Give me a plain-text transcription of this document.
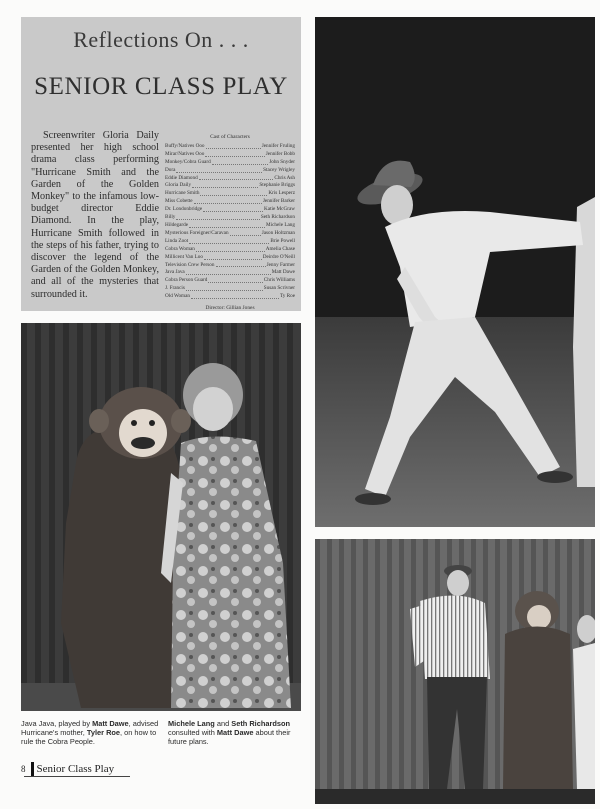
Reflections On . . .
SENIOR CLASS PLAY
Screenwriter Gloria Daily presented her high school drama class performing "Hurricane Smith and the Garden of the Golden Monkey" to the infamous low-budget director Eddie Diamond. In the play, Hurricane Smith followed in the steps of his father, trying to discover the legend of the Garden of the Golden Monkey, and all of the mysteries that surrounded it.
Cast of Characters
Buffy/Natives Ooo	Jennifer Fruling
Mirar/Natives Ooo	Jennifer Bobb
Monkey/Cobra Guard	John Snyder
Dora	Stacey Wrigley
Eddie Diamond	Chris Ash
Gloria Daily	Stephanie Briggs
Hurricane Smith	Kris Lesperz
Miss Cobette	Jennifer Barker
Dr. Londonbridge	Katie McGraw
Billy	Seth Richardson
Hildegarde	Michele Lang
Mysterious Foreigner/Caravan	Jason Holtzman
Linda Zoot	Brie Powell
Cobra Woman	Amelia Chase
Millicent Van Loo	Deirdre O'Neill
Television Crew Person	Jenny Farmer
Java Java	Matt Dawe
Cobra Person Guard	Chris Williams
J. Francis	Susan Scrivner
Old Woman	Ty Roe
Director: Gillian Jones
Java Java, played by Matt Dawe, advised Hurricane's mother, Tyler Roe, on how to rule the Cobra People.
Michele Lang and Seth Richardson consulted with Matt Dawe about their future plans.
8 Senior Class Play
